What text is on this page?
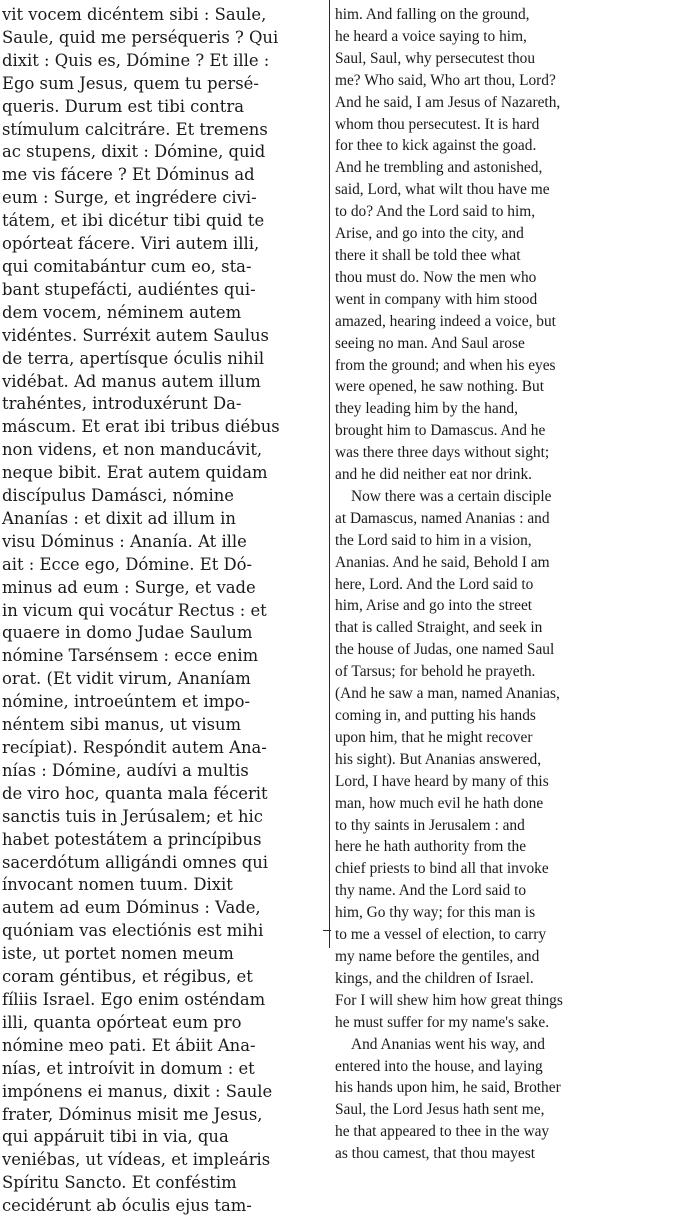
vit vocem dicéntem sibi : Saule,
Saule, quid me perséqueris ? Qui
dixit : Quis es, Dómine ? Et ille :
Ego sum Jesus, quem tu persé-
queris. Durum est tibi contra
stímulum calcitráre. Et tremens
ac stupens, dixit : Dómine, quid
me vis fácere ? Et Dóminus ad
eum : Surge, et ingrédere civi-
tátem, et ibi dicétur tibi quid te
opórteat fácere. Viri autem illi,
qui comitabántur cum eo, sta-
bant stupefácti, audiéntes qui-
dem vocem, néminem autem
vidéntes. Surréxit autem Saulus
de terra, apertísque óculis nihil
vidébat. Ad manus autem illum
trahéntes, introduxérunt Da-
máscum. Et erat ibi tribus diébus
non videns, et non manducávit,
neque bibit. Erat autem quidam
discípulus Damásci, nómine
Ananías : et dixit ad illum in
visu Dóminus : Ananía. At ille
ait : Ecce ego, Dómine. Et Dó-
minus ad eum : Surge, et vade
in vicum qui vocátur Rectus : et
quaere in domo Judae Saulum
nómine Tarsénsem : ecce enim
orat. (Et vidit virum, Ananíam
nómine, introeúntem et impo-
néntem sibi manus, ut visum
recípiat). Respóndit autem Ana-
nías : Dómine, audívi a multis
de viro hoc, quanta mala fécerit
sanctis tuis in Jerúsalem; et hic
habet potestátem a princípibus
sacerdótum alligándi omnes qui
ínvocant nomen tuum. Dixit
autem ad eum Dóminus : Vade,
quóniam vas electiónis est mihi
iste, ut portet nomen meum
coram géntibus, et régibus, et
fíliis Israel. Ego enim osténdam
illi, quanta opórteat eum pro
nómine meo pati. Et ábiit Ana-
nías, et introívit in domum : et
impónens ei manus, dixit : Saule
frater, Dóminus misit me Jesus,
qui appáruit tibi in via, qua
veniébas, ut vídeas, et impleáris
Spíritu Sancto. Et conféstim
cecidérunt ab óculis ejus tam-
him. And falling on the ground,
he heard a voice saying to him,
Saul, Saul, why persecutest thou
me? Who said, Who art thou, Lord?
And he said, I am Jesus of Nazareth,
whom thou persecutest. It is hard
for thee to kick against the goad.
And he trembling and astonished,
said, Lord, what wilt thou have me
to do? And the Lord said to him,
Arise, and go into the city, and
there it shall be told thee what
thou must do. Now the men who
went in company with him stood
amazed, hearing indeed a voice, but
seeing no man. And Saul arose
from the ground; and when his eyes
were opened, he saw nothing. But
they leading him by the hand,
brought him to Damascus. And he
was there three days without sight;
and he did neither eat nor drink.
Now there was a certain disciple
at Damascus, named Ananias : and
the Lord said to him in a vision,
Ananias. And he said, Behold I am
here, Lord. And the Lord said to
him, Arise and go into the street
that is called Straight, and seek in
the house of Judas, one named Saul
of Tarsus; for behold he prayeth.
(And he saw a man, named Ananias,
coming in, and putting his hands
upon him, that he might recover
his sight). But Ananias answered,
Lord, I have heard by many of this
man, how much evil he hath done
to thy saints in Jerusalem : and
here he hath authority from the
chief priests to bind all that invoke
thy name. And the Lord said to
him, Go thy way; for this man is
to me a vessel of election, to carry
my name before the gentiles, and
kings, and the children of Israel.
For I will shew him how great things
he must suffer for my name's sake.
And Ananias went his way, and
entered into the house, and laying
his hands upon him, he said, Brother
Saul, the Lord Jesus hath sent me,
he that appeared to thee in the way
as thou camest, that thou mayest
